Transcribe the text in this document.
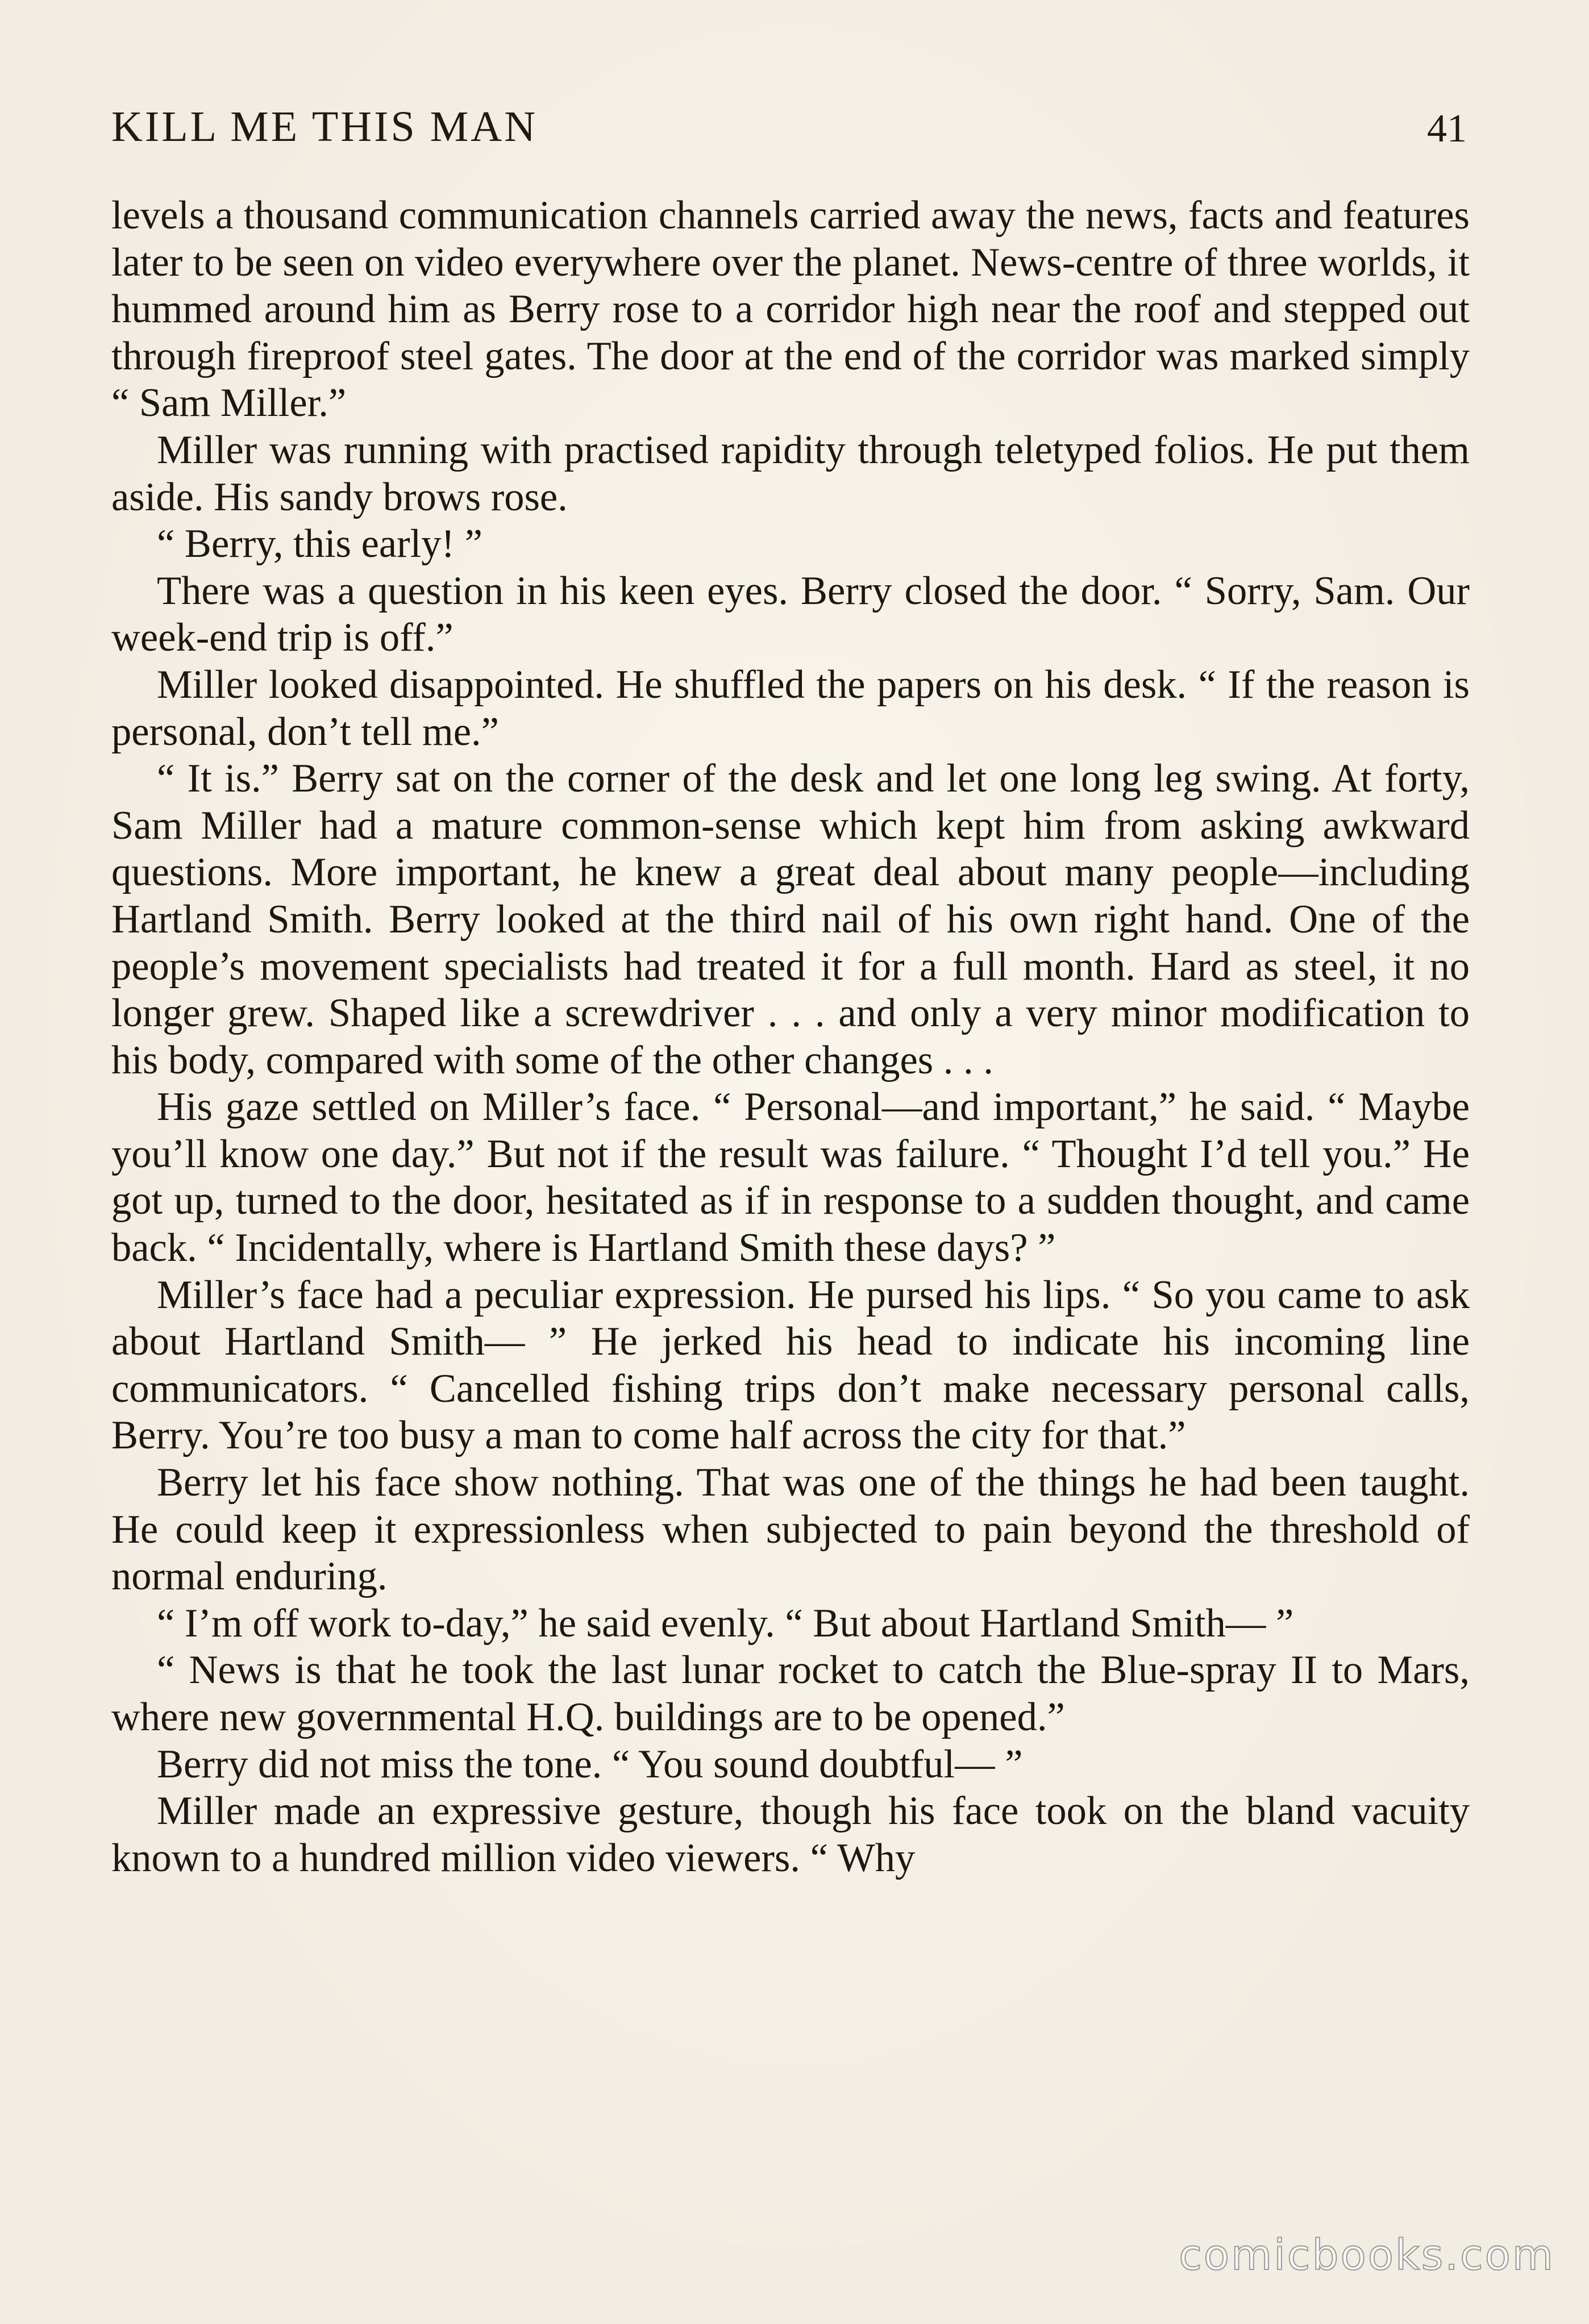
KILL ME THIS MAN	41

levels a thousand communication channels carried away the news, facts and features later to be seen on video everywhere over the planet. News-centre of three worlds, it hummed around him as Berry rose to a corridor high near the roof and stepped out through fireproof steel gates. The door at the end of the corridor was marked simply “ Sam Miller.”

Miller was running with practised rapidity through teletyped folios. He put them aside. His sandy brows rose.

“ Berry, this early! ”

There was a question in his keen eyes. Berry closed the door. “ Sorry, Sam. Our week-end trip is off.”

Miller looked disappointed. He shuffled the papers on his desk. “ If the reason is personal, don’t tell me.”

“ It is.” Berry sat on the corner of the desk and let one long leg swing. At forty, Sam Miller had a mature common-sense which kept him from asking awkward questions. More important, he knew a great deal about many people—including Hartland Smith. Berry looked at the third nail of his own right hand. One of the people’s movement specialists had treated it for a full month. Hard as steel, it no longer grew. Shaped like a screwdriver . . . and only a very minor modification to his body, compared with some of the other changes . . .

His gaze settled on Miller’s face. “ Personal—and important,” he said. “ Maybe you’ll know one day.” But not if the result was failure. “ Thought I’d tell you.” He got up, turned to the door, hesitated as if in response to a sudden thought, and came back. “ Incidentally, where is Hartland Smith these days? ”

Miller’s face had a peculiar expression. He pursed his lips. “ So you came to ask about Hartland Smith— ” He jerked his head to indicate his incoming line communicators. “ Cancelled fishing trips don’t make necessary personal calls, Berry. You’re too busy a man to come half across the city for that.”

Berry let his face show nothing. That was one of the things he had been taught. He could keep it expressionless when subjected to pain beyond the threshold of normal enduring.

“ I’m off work to-day,” he said evenly. “ But about Hartland Smith— ”

“ News is that he took the last lunar rocket to catch the Blue-spray II to Mars, where new governmental H.Q. buildings are to be opened.”

Berry did not miss the tone. “ You sound doubtful— ”

Miller made an expressive gesture, though his face took on the bland vacuity known to a hundred million video viewers. “ Why

comicbooks.com
